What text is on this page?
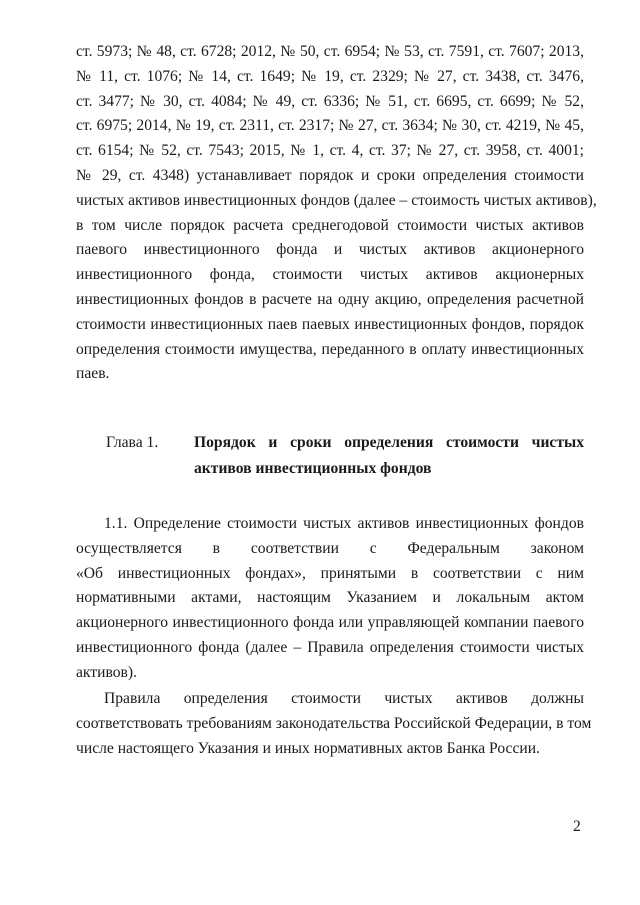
ст. 5973; № 48, ст. 6728; 2012, № 50, ст. 6954; № 53, ст. 7591, ст. 7607; 2013,
№ 11, ст. 1076; № 14, ст. 1649; № 19, ст. 2329; № 27, ст. 3438, ст. 3476,
ст. 3477; № 30, ст. 4084; № 49, ст. 6336; № 51, ст. 6695, ст. 6699; № 52,
ст. 6975; 2014, № 19, ст. 2311, ст. 2317; № 27, ст. 3634; № 30, ст. 4219, № 45,
ст. 6154; № 52, ст. 7543; 2015, № 1, ст. 4, ст. 37; № 27, ст. 3958, ст. 4001;
№ 29, ст. 4348) устанавливает порядок и сроки определения стоимости
чистых активов инвестиционных фондов (далее – стоимость чистых активов),
в том числе порядок расчета среднегодовой стоимости чистых активов
паевого инвестиционного фонда и чистых активов акционерного
инвестиционного фонда, стоимости чистых активов акционерных
инвестиционных фондов в расчете на одну акцию, определения расчетной
стоимости инвестиционных паев паевых инвестиционных фондов, порядок
определения стоимости имущества, переданного в оплату инвестиционных
паев.
Глава 1. Порядок и сроки определения стоимости чистых
активов инвестиционных фондов
1.1. Определение стоимости чистых активов инвестиционных фондов
осуществляется в соответствии с Федеральным законом
«Об инвестиционных фондах», принятыми в соответствии с ним
нормативными актами, настоящим Указанием и локальным актом
акционерного инвестиционного фонда или управляющей компании паевого
инвестиционного фонда (далее – Правила определения стоимости чистых
активов).
Правила определения стоимости чистых активов должны
соответствовать требованиям законодательства Российской Федерации, в том
числе настоящего Указания и иных нормативных актов Банка России.
2
